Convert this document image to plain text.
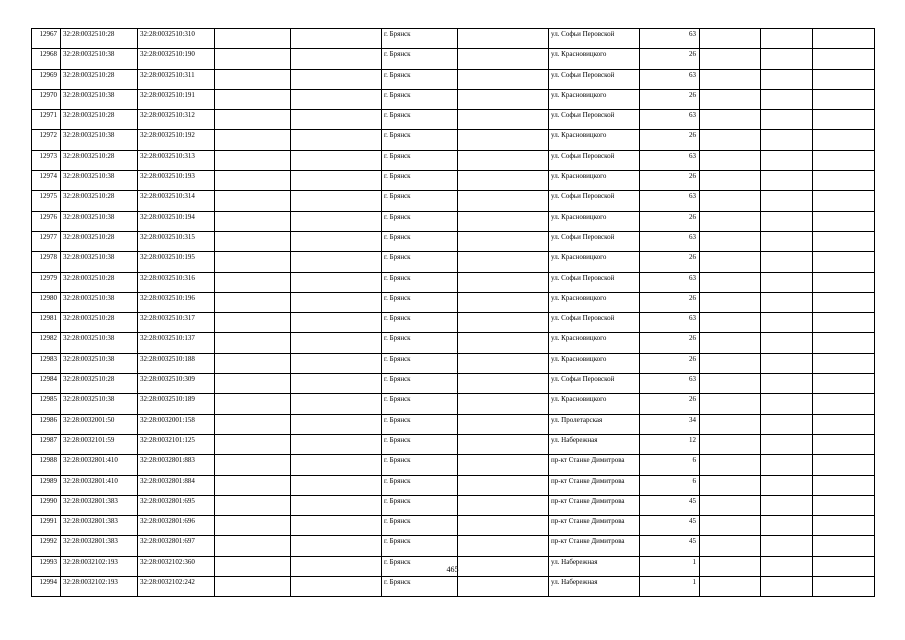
12967	32:28:0032510:28	32:28:0032510:310			г. Брянск		ул. Софьи Перовской	63			
12968	32:28:0032510:38	32:28:0032510:190			г. Брянск		ул. Красновицкого	26			
12969	32:28:0032510:28	32:28:0032510:311			г. Брянск		ул. Софьи Перовской	63			
12970	32:28:0032510:38	32:28:0032510:191			г. Брянск		ул. Красновицкого	26			
12971	32:28:0032510:28	32:28:0032510:312			г. Брянск		ул. Софьи Перовской	63			
12972	32:28:0032510:38	32:28:0032510:192			г. Брянск		ул. Красновицкого	26			
12973	32:28:0032510:28	32:28:0032510:313			г. Брянск		ул. Софьи Перовской	63			
12974	32:28:0032510:38	32:28:0032510:193			г. Брянск		ул. Красновицкого	26			
12975	32:28:0032510:28	32:28:0032510:314			г. Брянск		ул. Софьи Перовской	63			
12976	32:28:0032510:38	32:28:0032510:194			г. Брянск		ул. Красновицкого	26			
12977	32:28:0032510:28	32:28:0032510:315			г. Брянск		ул. Софьи Перовской	63			
12978	32:28:0032510:38	32:28:0032510:195			г. Брянск		ул. Красновицкого	26			
12979	32:28:0032510:28	32:28:0032510:316			г. Брянск		ул. Софьи Перовской	63			
12980	32:28:0032510:38	32:28:0032510:196			г. Брянск		ул. Красновицкого	26			
12981	32:28:0032510:28	32:28:0032510:317			г. Брянск		ул. Софьи Перовской	63			
12982	32:28:0032510:38	32:28:0032510:137			г. Брянск		ул. Красновицкого	26			
12983	32:28:0032510:38	32:28:0032510:188			г. Брянск		ул. Красновицкого	26			
12984	32:28:0032510:28	32:28:0032510:309			г. Брянск		ул. Софьи Перовской	63			
12985	32:28:0032510:38	32:28:0032510:189			г. Брянск		ул. Красновицкого	26			
12986	32:28:0032001:50	32:28:0032001:158			г. Брянск		ул. Пролетарская	34			
12987	32:28:0032101:59	32:28:0032101:125			г. Брянск		ул. Набережная	12			
12988	32:28:0032801:410	32:28:0032801:883			г. Брянск		пр-кт Станке Димитрова	6			
12989	32:28:0032801:410	32:28:0032801:884			г. Брянск		пр-кт Станке Димитрова	6			
12990	32:28:0032801:383	32:28:0032801:695			г. Брянск		пр-кт Станке Димитрова	45			
12991	32:28:0032801:383	32:28:0032801:696			г. Брянск		пр-кт Станке Димитрова	45			
12992	32:28:0032801:383	32:28:0032801:697			г. Брянск		пр-кт Станке Димитрова	45			
12993	32:28:0032102:193	32:28:0032102:360			г. Брянск		ул. Набережная	1			
12994	32:28:0032102:193	32:28:0032102:242			г. Брянск		ул. Набережная	1			
465
